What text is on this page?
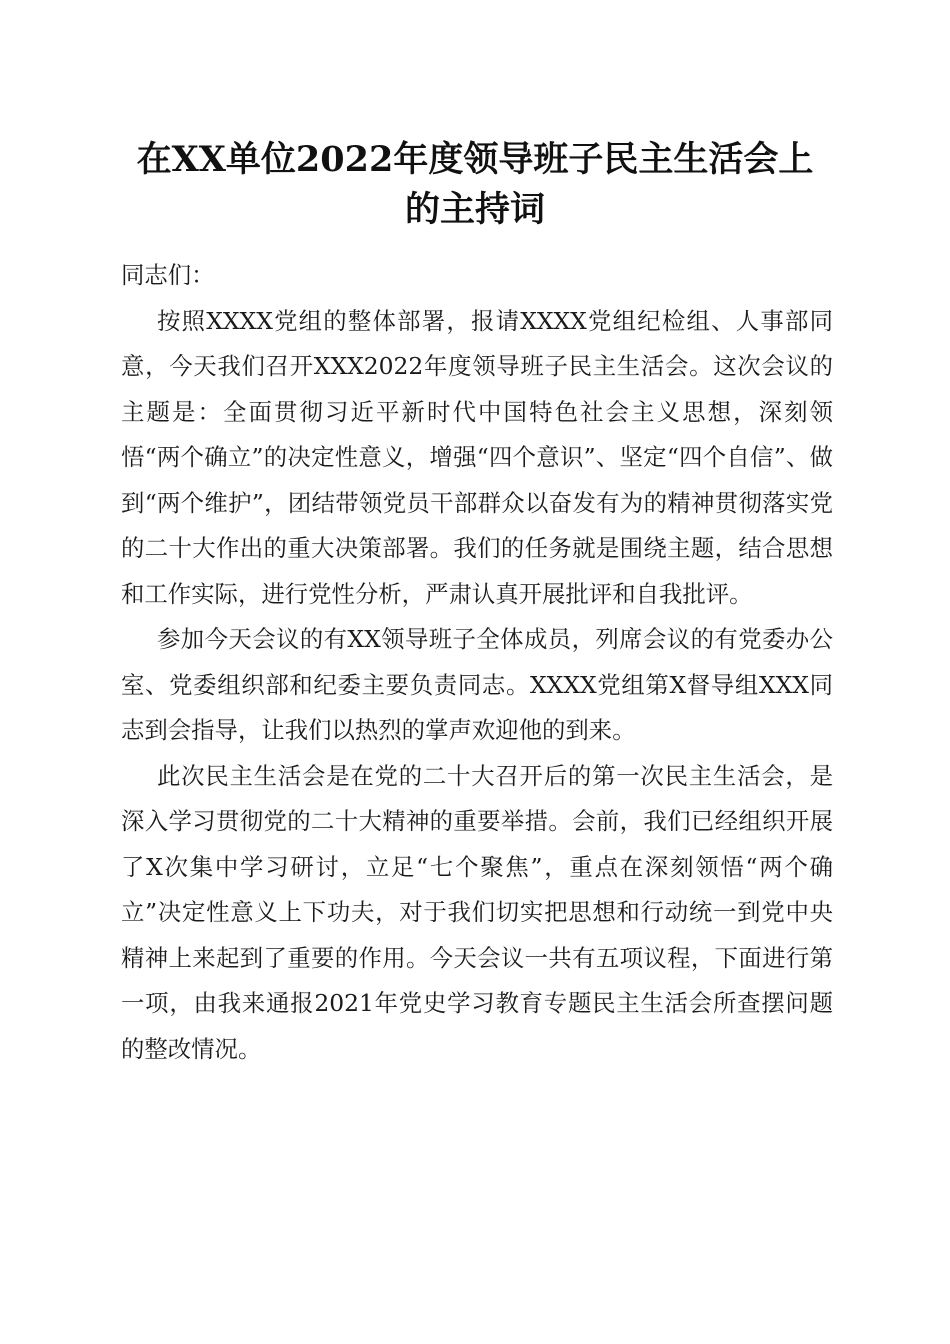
在XX单位2022年度领导班子民主生活会上
的主持词

同志们：

按照XXXX党组的整体部署，报请XXXX党组纪检组、人事部同意，今天我们召开XXX2022年度领导班子民主生活会。这次会议的主题是：全面贯彻习近平新时代中国特色社会主义思想，深刻领悟“两个确立”的决定性意义，增强“四个意识”、坚定“四个自信”、做到“两个维护”，团结带领党员干部群众以奋发有为的精神贯彻落实党的二十大作出的重大决策部署。我们的任务就是围绕主题，结合思想和工作实际，进行党性分析，严肃认真开展批评和自我批评。

参加今天会议的有XX领导班子全体成员，列席会议的有党委办公室、党委组织部和纪委主要负责同志。XXXX党组第X督导组XXX同志到会指导，让我们以热烈的掌声欢迎他的到来。

此次民主生活会是在党的二十大召开后的第一次民主生活会，是深入学习贯彻党的二十大精神的重要举措。会前，我们已经组织开展了X次集中学习研讨，立足“七个聚焦”，重点在深刻领悟“两个确立”决定性意义上下功夫，对于我们切实把思想和行动统一到党中央精神上来起到了重要的作用。今天会议一共有五项议程，下面进行第一项，由我来通报2021年党史学习教育专题民主生活会所查摆问题的整改情况。
